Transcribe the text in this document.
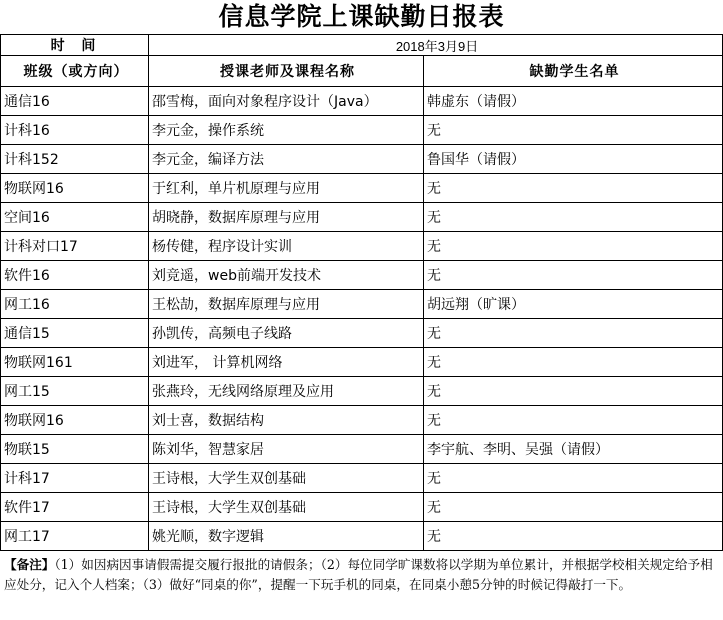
信息学院上课缺勤日报表
时 间	2018年3月9日	
班级（或方向）	授课老师及课程名称	缺勤学生名单
通信16	邵雪梅，面向对象程序设计（Java）	韩虚东（请假）
计科16	李元金，操作系统	无
计科152	李元金，编译方法	鲁国华（请假）
物联网16	于红利，单片机原理与应用	无
空间16	胡晓静，数据库原理与应用	无
计科对口17	杨传健，程序设计实训	无
软件16	刘竞遥，web前端开发技术	无
网工16	王松劼，数据库原理与应用	胡远翔（旷课）
通信15	孙凯传，高频电子线路	无
物联网161	刘进军， 计算机网络	无
网工15	张燕玲，无线网络原理及应用	无
物联网16	刘士喜，数据结构	无
物联15	陈刘华，智慧家居	李宇航、李明、吴强（请假）
计科17	王诗根，大学生双创基础	无
软件17	王诗根，大学生双创基础	无
网工17	姚光顺，数字逻辑	无
【备注】（1）如因病因事请假需提交履行报批的请假条；（2）每位同学旷课数将以学期为单位累计，并根据学校相关规定给予相应处分，记入个人档案；（3）做好“同桌的你”，提醒一下玩手机的同桌，在同桌小憩5分钟的时候记得敲打一下。
